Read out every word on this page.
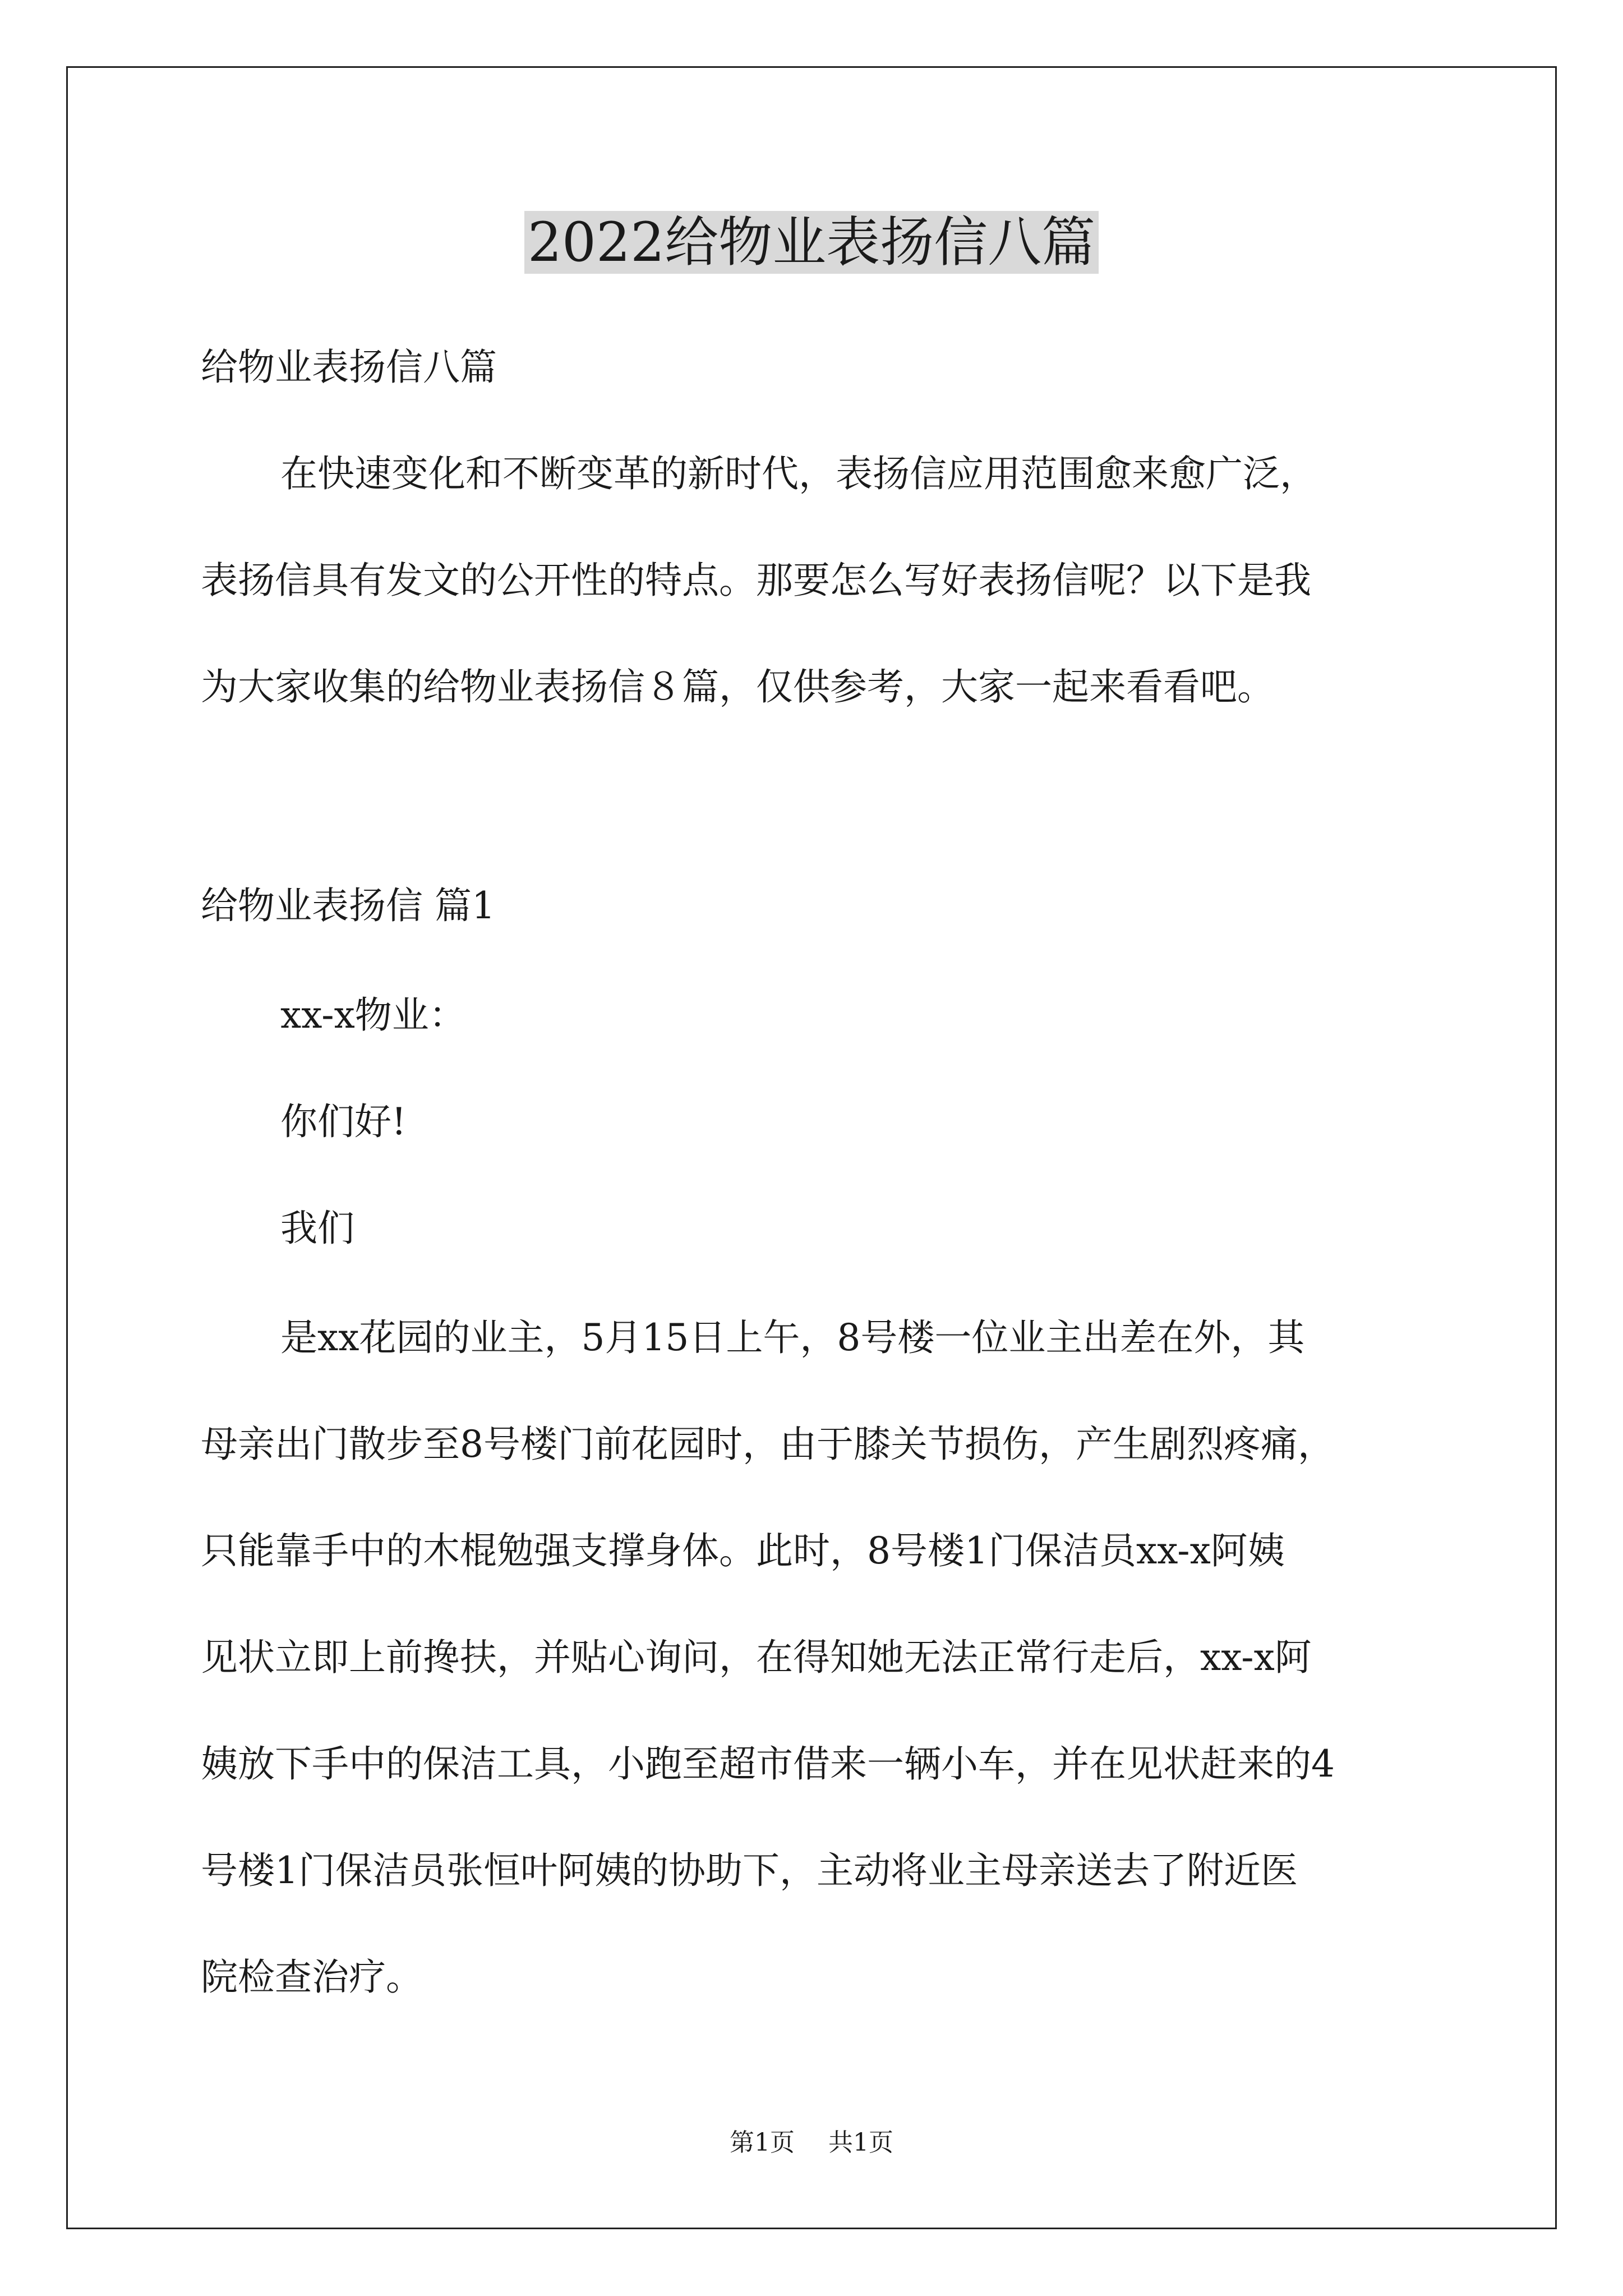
2022给物业表扬信八篇

给物业表扬信八篇

在快速变化和不断变革的新时代，表扬信应用范围愈来愈广泛，

表扬信具有发文的公开性的特点。那要怎么写好表扬信呢？以下是我

为大家收集的给物业表扬信８篇，仅供参考，大家一起来看看吧。

给物业表扬信 篇1

xx-x物业：

你们好!

我们

是xx花园的业主，5月15日上午，8号楼一位业主出差在外，其

母亲出门散步至8号楼门前花园时，由于膝关节损伤，产生剧烈疼痛，

只能靠手中的木棍勉强支撑身体。此时，8号楼1门保洁员xx-x阿姨

见状立即上前搀扶，并贴心询问，在得知她无法正常行走后，xx-x阿

姨放下手中的保洁工具，小跑至超市借来一辆小车，并在见状赶来的4

号楼1门保洁员张恒叶阿姨的协助下，主动将业主母亲送去了附近医

院检查治疗。

第1页 共1页
